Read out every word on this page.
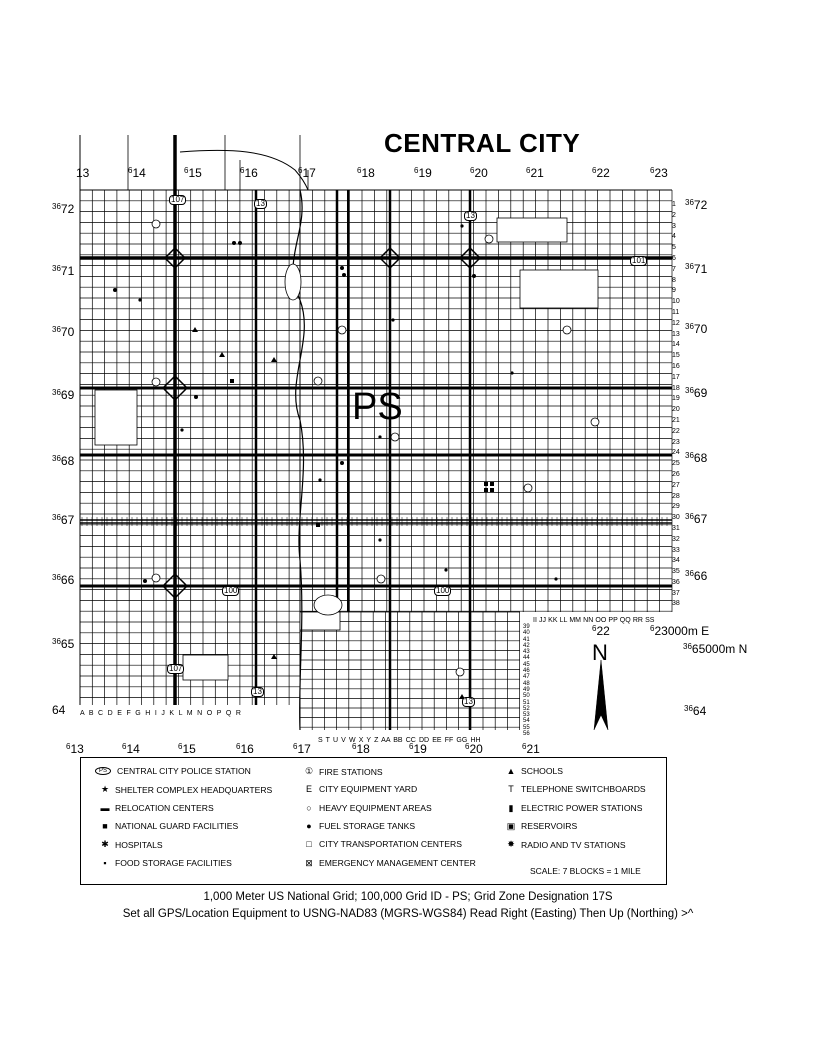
CENTRAL CITY
PS
13	$^6$14	$^6$15	$^6$16	$^6$17	$^6$18	$^6$19	$^6$20	$^6$21	$^6$22	$^6$23
$^6$13	$^6$14	$^6$15	$^6$16	$^6$17	$^6$18	$^6$19	$^6$20	$^6$21
$^6$22	$^6$23000m E
$^{36}$72
$^{36}$71
$^{36}$70
$^{36}$69
$^{36}$68
$^{36}$67
$^{36}$66
$^{36}$65
64
$^{36}$72
$^{36}$71
$^{36}$70
$^{36}$69
$^{36}$68
$^{36}$67
$^{36}$66
$^{36}$65000m N
$^{36}$64
A B C D E F G H I J K L M N O P Q R
S T U V W X Y Z AA BB CC DD EE FF GG HH
II JJ KK LL MM NN OO PP QQ RR SS
1
2
3
4
5
6
7
8
9
10
11
12
13
14
15
16
17
18
19
20
21
22
23
24
25
26
27
28
29
30
31
32
33
34
35
36
37
38
39
40
41
42
43
44
45
46
47
48
49
50
51
52
53
54
55
56
107	13
13
100	100
107
13
13
101
N
PS	CENTRAL CITY POLICE STATION	① FIRE STATIONS	▲ SCHOOLS
★ SHELTER COMPLEX HEADQUARTERS	E CITY EQUIPMENT YARD	T TELEPHONE SWITCHBOARDS
▬ RELOCATION CENTERS	○ HEAVY EQUIPMENT AREAS	▮ ELECTRIC POWER STATIONS
■ NATIONAL GUARD FACILITIES	● FUEL STORAGE TANKS	▣ RESERVOIRS
✱ HOSPITALS	□ CITY TRANSPORTATION CENTERS	✸ RADIO AND TV STATIONS
▪ FOOD STORAGE FACILITIES	⊠ EMERGENCY MANAGEMENT CENTER
SCALE: 7 BLOCKS = 1 MILE
1,000 Meter US National Grid; 100,000 Grid ID - PS; Grid Zone Designation 17S
Set all GPS/Location Equipment to USNG-NAD83 (MGRS-WGS84) Read Right (Easting) Then Up (Northing) >^
